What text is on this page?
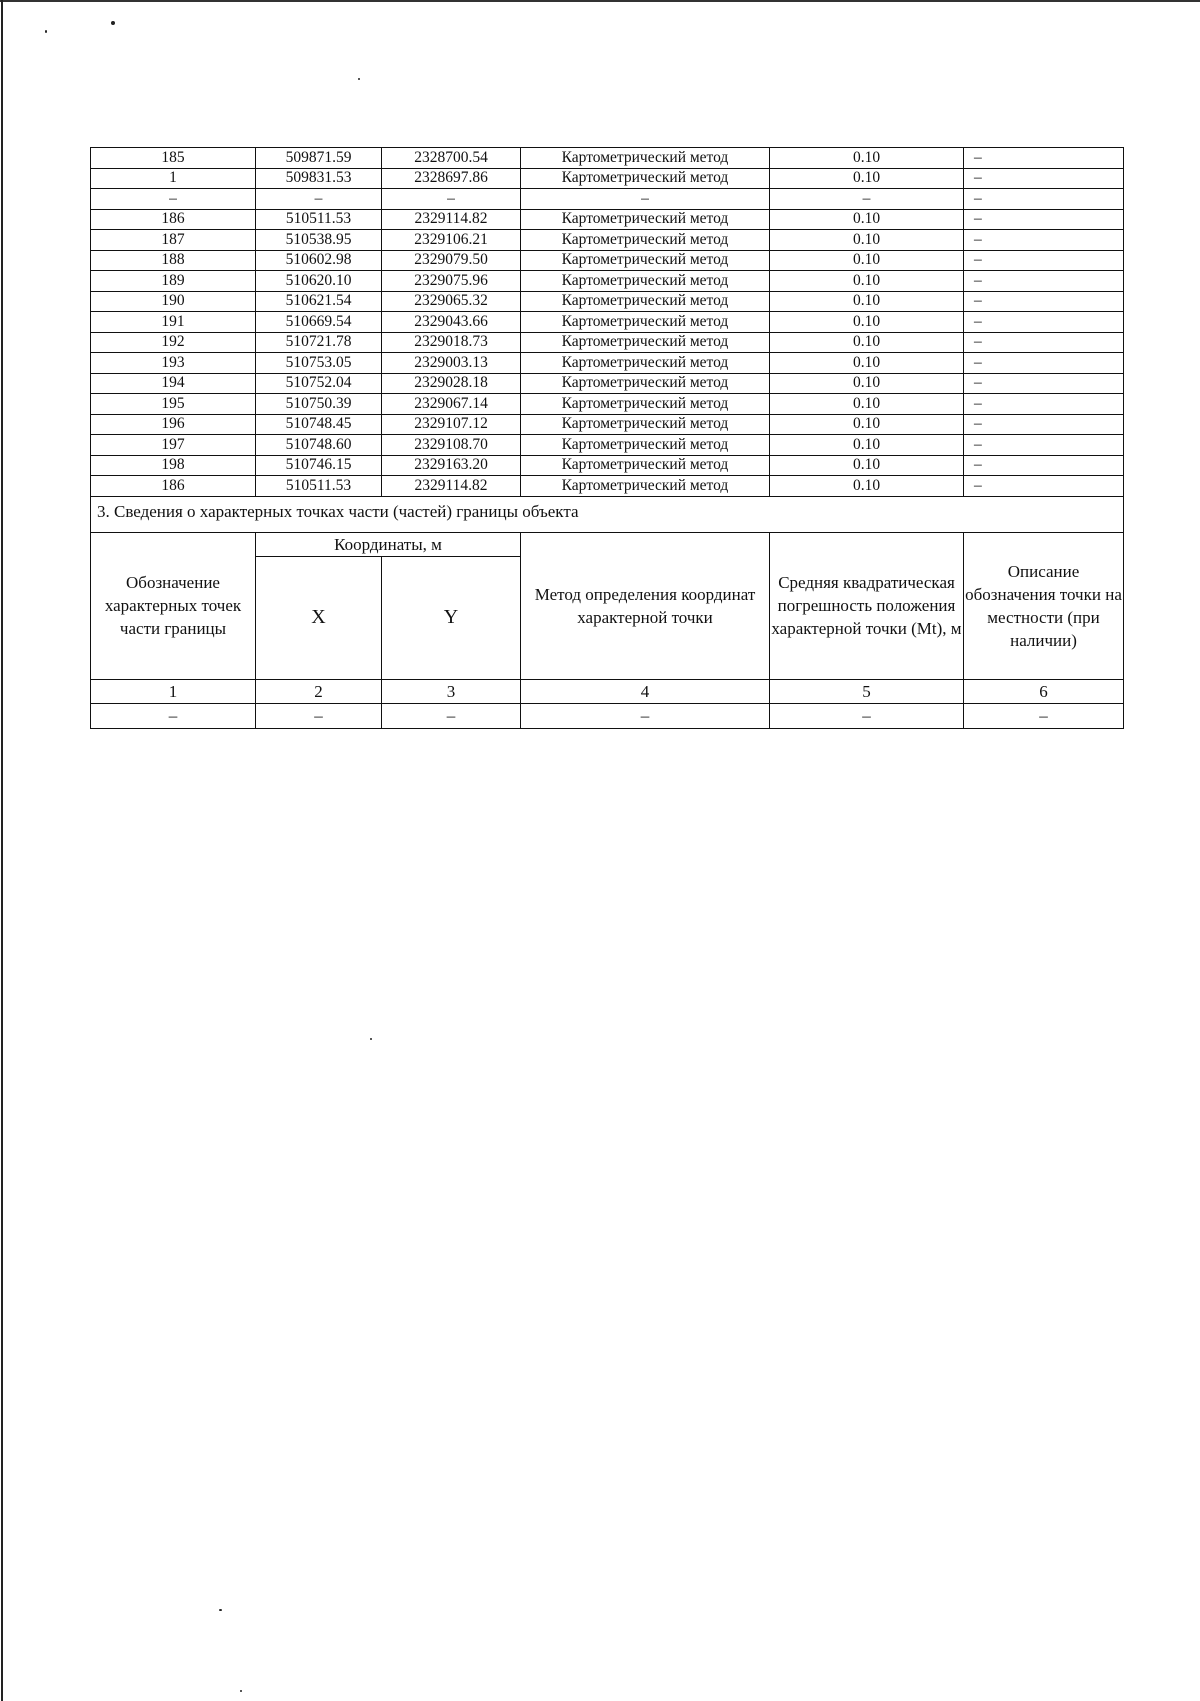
185	509871.59	2328700.54	Картометрический метод	0.10	–
1	509831.53	2328697.86	Картометрический метод	0.10	–
–	–	–	–	–	–
186	510511.53	2329114.82	Картометрический метод	0.10	–
187	510538.95	2329106.21	Картометрический метод	0.10	–
188	510602.98	2329079.50	Картометрический метод	0.10	–
189	510620.10	2329075.96	Картометрический метод	0.10	–
190	510621.54	2329065.32	Картометрический метод	0.10	–
191	510669.54	2329043.66	Картометрический метод	0.10	–
192	510721.78	2329018.73	Картометрический метод	0.10	–
193	510753.05	2329003.13	Картометрический метод	0.10	–
194	510752.04	2329028.18	Картометрический метод	0.10	–
195	510750.39	2329067.14	Картометрический метод	0.10	–
196	510748.45	2329107.12	Картометрический метод	0.10	–
197	510748.60	2329108.70	Картометрический метод	0.10	–
198	510746.15	2329163.20	Картометрический метод	0.10	–
186	510511.53	2329114.82	Картометрический метод	0.10	–
3. Сведения о характерных точках части (частей) границы объекта					
Обозначение характерных точек части границы	Координаты, м		Метод определения координат характерной точки	Средняя квадратическая погрешность положения характерной точки (Mt), м	Описание обозначения точки на местности (при наличии)
	X	Y			
1	2	3	4	5	6
–	–	–	–	–	–
